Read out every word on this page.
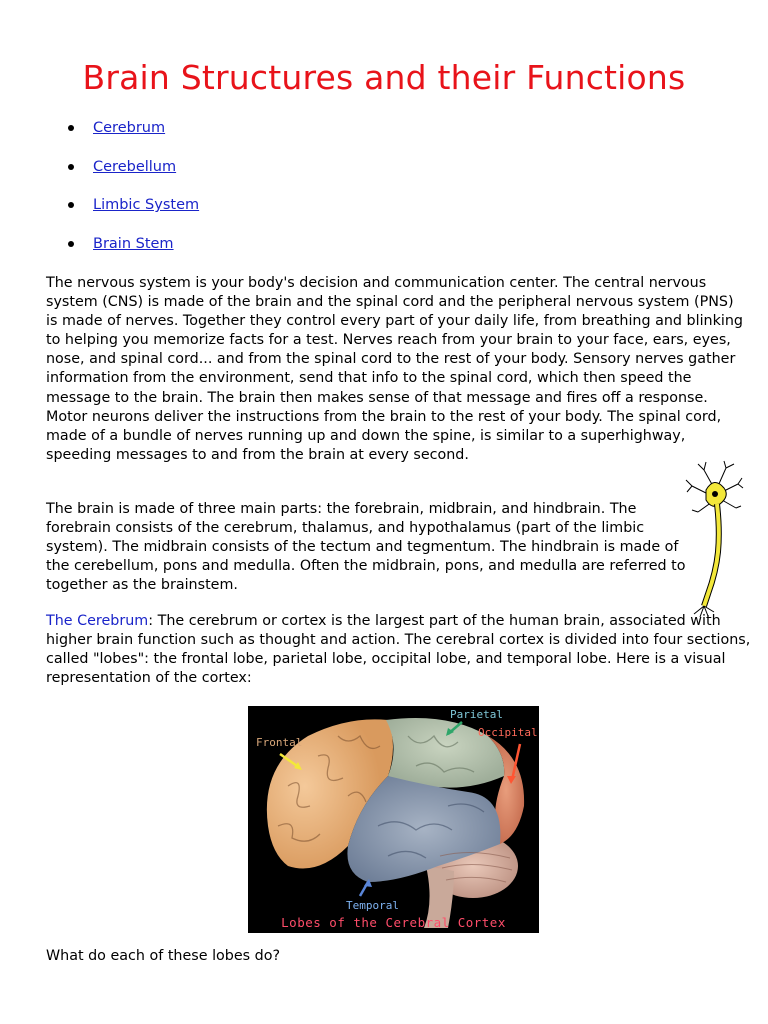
Brain Structures and their Functions
Cerebrum
Cerebellum
Limbic System
Brain Stem

The nervous system is your body's decision and communication center. The central nervous system (CNS) is made of the brain and the spinal cord and the peripheral nervous system (PNS) is made of nerves. Together they control every part of your daily life, from breathing and blinking to helping you memorize facts for a test. Nerves reach from your brain to your face, ears, eyes, nose, and spinal cord... and from the spinal cord to the rest of your body. Sensory nerves gather information from the environment, send that info to the spinal cord, which then speed the message to the brain. The brain then makes sense of that message and fires off a response. Motor neurons deliver the instructions from the brain to the rest of your body. The spinal cord, made of a bundle of nerves running up and down the spine, is similar to a superhighway, speeding messages to and from the brain at every second.

The brain is made of three main parts: the forebrain, midbrain, and hindbrain. The forebrain consists of the cerebrum, thalamus, and hypothalamus (part of the limbic system). The midbrain consists of the tectum and tegmentum. The hindbrain is made of the cerebellum, pons and medulla. Often the midbrain, pons, and medulla are referred to together as the brainstem.

The Cerebrum: The cerebrum or cortex is the largest part of the human brain, associated with higher brain function such as thought and action. The cerebral cortex is divided into four sections, called "lobes": the frontal lobe, parietal lobe, occipital lobe, and temporal lobe. Here is a visual representation of the cortex:

Frontal
Parietal
Occipital
Temporal
Lobes of the Cerebral Cortex

What do each of these lobes do?
